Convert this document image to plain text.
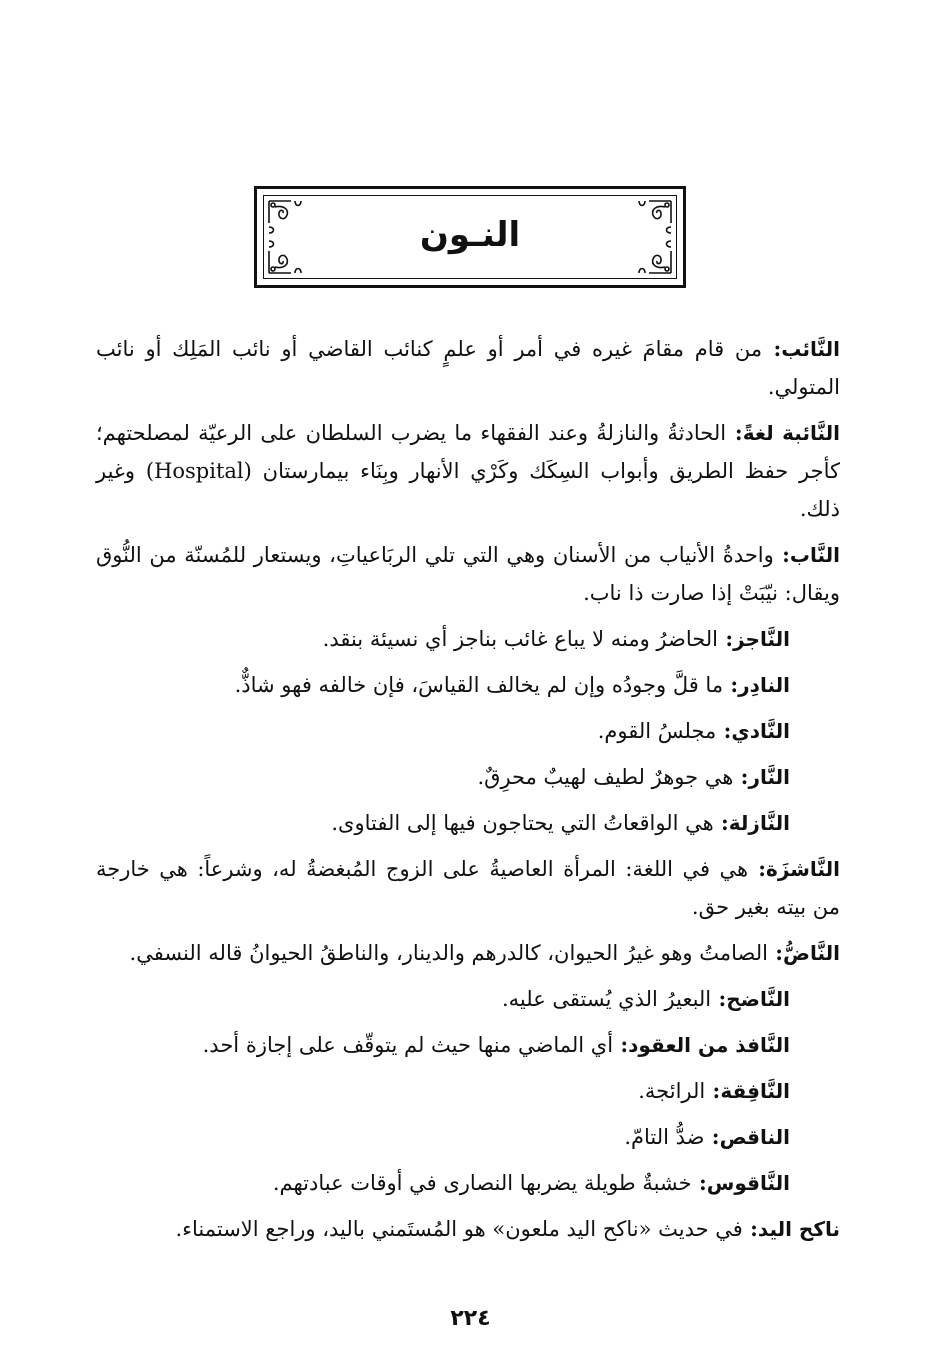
النـون
النَّائب: من قام مقامَ غيره في أمر أو علمٍ كنائب القاضي أو نائب المَلِك أو نائب المتولي.
النَّائبة لغةً: الحادثةُ والنازلةُ وعند الفقهاء ما يضرب السلطان على الرعيّة لمصلحتهم؛ كأجر حفظ الطريق وأبواب السِكَك وكَرْي الأنهار وبِنَاء بيمارستان (Hospital) وغير ذلك.
النَّاب: واحدةُ الأنياب من الأسنان وهي التي تلي الربَاعياتِ، ويستعار للمُسنّة من النُّوق ويقال: نيّبَتْ إذا صارت ذا ناب.
النَّاجز: الحاضرُ ومنه لا يباع غائب بناجز أي نسيئة بنقد.
النادِر: ما قلَّ وجودُه وإن لم يخالف القياسَ، فإن خالفه فهو شاذٌّ.
النَّادي: مجلسُ القوم.
النَّار: هي جوهرٌ لطيف لهيبٌ محرِقٌ.
النَّازلة: هي الواقعاتُ التي يحتاجون فيها إلى الفتاوى.
النَّاشزَة: هي في اللغة: المرأة العاصيةُ على الزوج المُبغضةُ له، وشرعاً: هي خارجة من بيته بغير حق.
النَّاضُّ: الصامتُ وهو غيرُ الحيوان، كالدرهم والدينار، والناطقُ الحيوانُ قاله النسفي.
النَّاضح: البعيرُ الذي يُستقى عليه.
النَّافذ من العقود: أي الماضي منها حيث لم يتوقّف على إجازة أحد.
النَّافِقة: الرائجة.
الناقص: ضدُّ التامّ.
النَّاقوس: خشبةٌ طويلة يضربها النصارى في أوقات عبادتهم.
ناكح اليد: في حديث «ناكح اليد ملعون» هو المُستَمني باليد، وراجع الاستمناء.
٢٢٤
